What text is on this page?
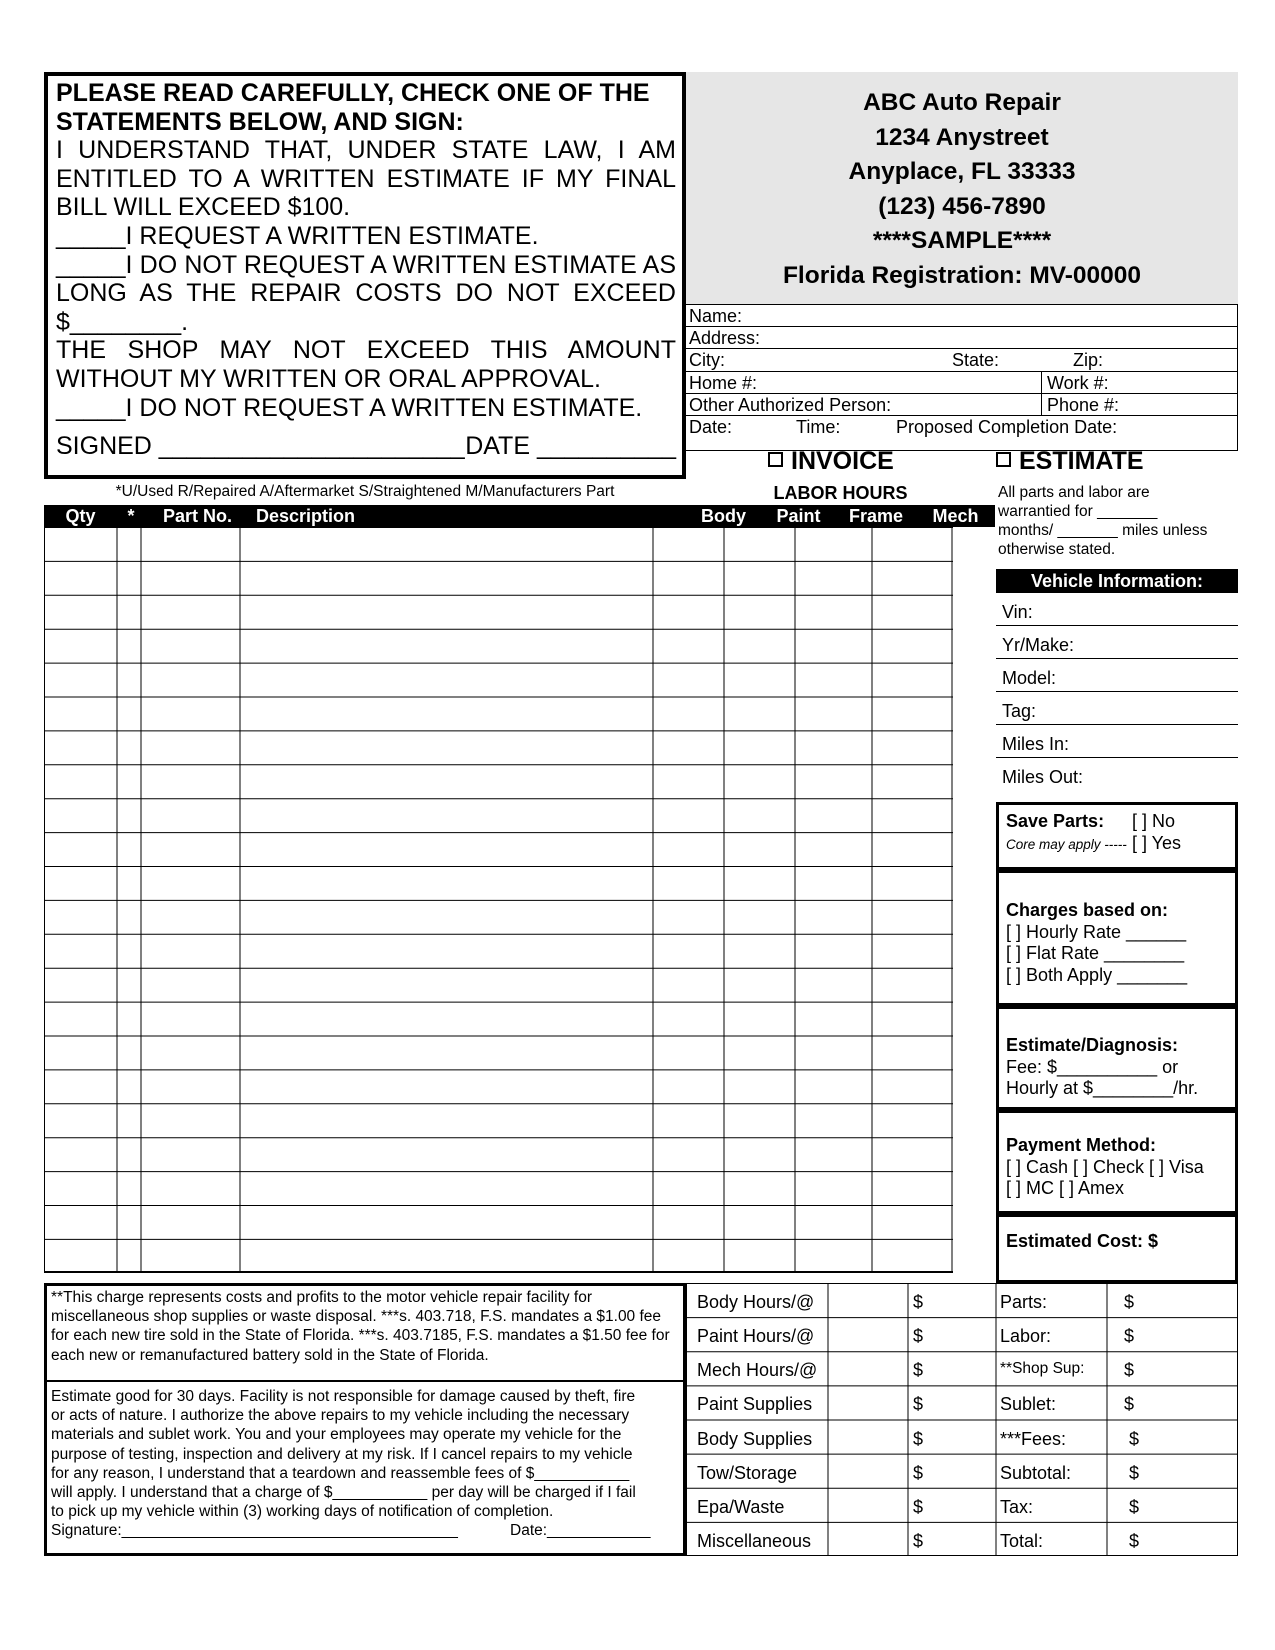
PLEASE READ CAREFULLY, CHECK ONE OF THE
STATEMENTS BELOW, AND SIGN:
I UNDERSTAND THAT, UNDER STATE LAW, I AM
ENTITLED TO A WRITTEN ESTIMATE IF MY FINAL
BILL WILL EXCEED $100.
_____I REQUEST A WRITTEN ESTIMATE.
_____I DO NOT REQUEST A WRITTEN ESTIMATE AS
LONG AS THE REPAIR COSTS DO NOT EXCEED
$________.
THE SHOP MAY NOT EXCEED THIS AMOUNT
WITHOUT MY WRITTEN OR ORAL APPROVAL.
_____I DO NOT REQUEST A WRITTEN ESTIMATE.
SIGNED ______________________ DATE __________
ABC Auto Repair
1234 Anystreet
Anyplace, FL 33333
(123) 456-7890
****SAMPLE****
Florida Registration: MV-00000
Name:
Address:
City:	State:	Zip:
Home #:	Work #:
Other Authorized Person:	Phone #:
Date:	Time:	Proposed Completion Date:
INVOICE	ESTIMATE
*U/Used R/Repaired A/Aftermarket S/Straightened M/Manufacturers Part	LABOR HOURS
Qty	*	Part No.	Description	Body	Paint	Frame	Mech
All parts and labor are
warrantied for _______
months/ _______ miles unless
otherwise stated.
Vehicle Information:
Vin:
Yr/Make:
Model:
Tag:
Miles In:
Miles Out:
Save Parts: [ ] No
Core may apply ----- [ ] Yes
Charges based on:
[ ] Hourly Rate ______
[ ] Flat Rate ________
[ ] Both Apply _______
Estimate/Diagnosis:
Fee: $__________ or
Hourly at $________/hr.
Payment Method:
[ ] Cash [ ] Check [ ] Visa
[ ] MC [ ] Amex
Estimated Cost: $
**This charge represents costs and profits to the motor vehicle repair facility for miscellaneous shop supplies or waste disposal. ***s. 403.718, F.S. mandates a $1.00 fee for each new tire sold in the State of Florida. ***s. 403.7185, F.S. mandates a $1.50 fee for each new or remanufactured battery sold in the State of Florida.
Estimate good for 30 days. Facility is not responsible for damage caused by theft, fire
or acts of nature. I authorize the above repairs to my vehicle including the necessary
materials and sublet work. You and your employees may operate my vehicle for the
purpose of testing, inspection and delivery at my risk. If I cancel repairs to my vehicle
for any reason, I understand that a teardown and reassemble fees of $___________
will apply. I understand that a charge of $___________ per day will be charged if I fail
to pick up my vehicle within (3) working days of notification of completion.
Signature:_______________________________________	Date:____________
Body Hours/@	$	Parts:	$
Paint Hours/@	$	Labor:	$
Mech Hours/@	$	**Shop Sup: $
Paint Supplies	$	Sublet:	$
Body Supplies	$	***Fees:	$
Tow/Storage	$	Subtotal:	$
Epa/Waste	$	Tax:	$
Miscellaneous	$	Total:	$
